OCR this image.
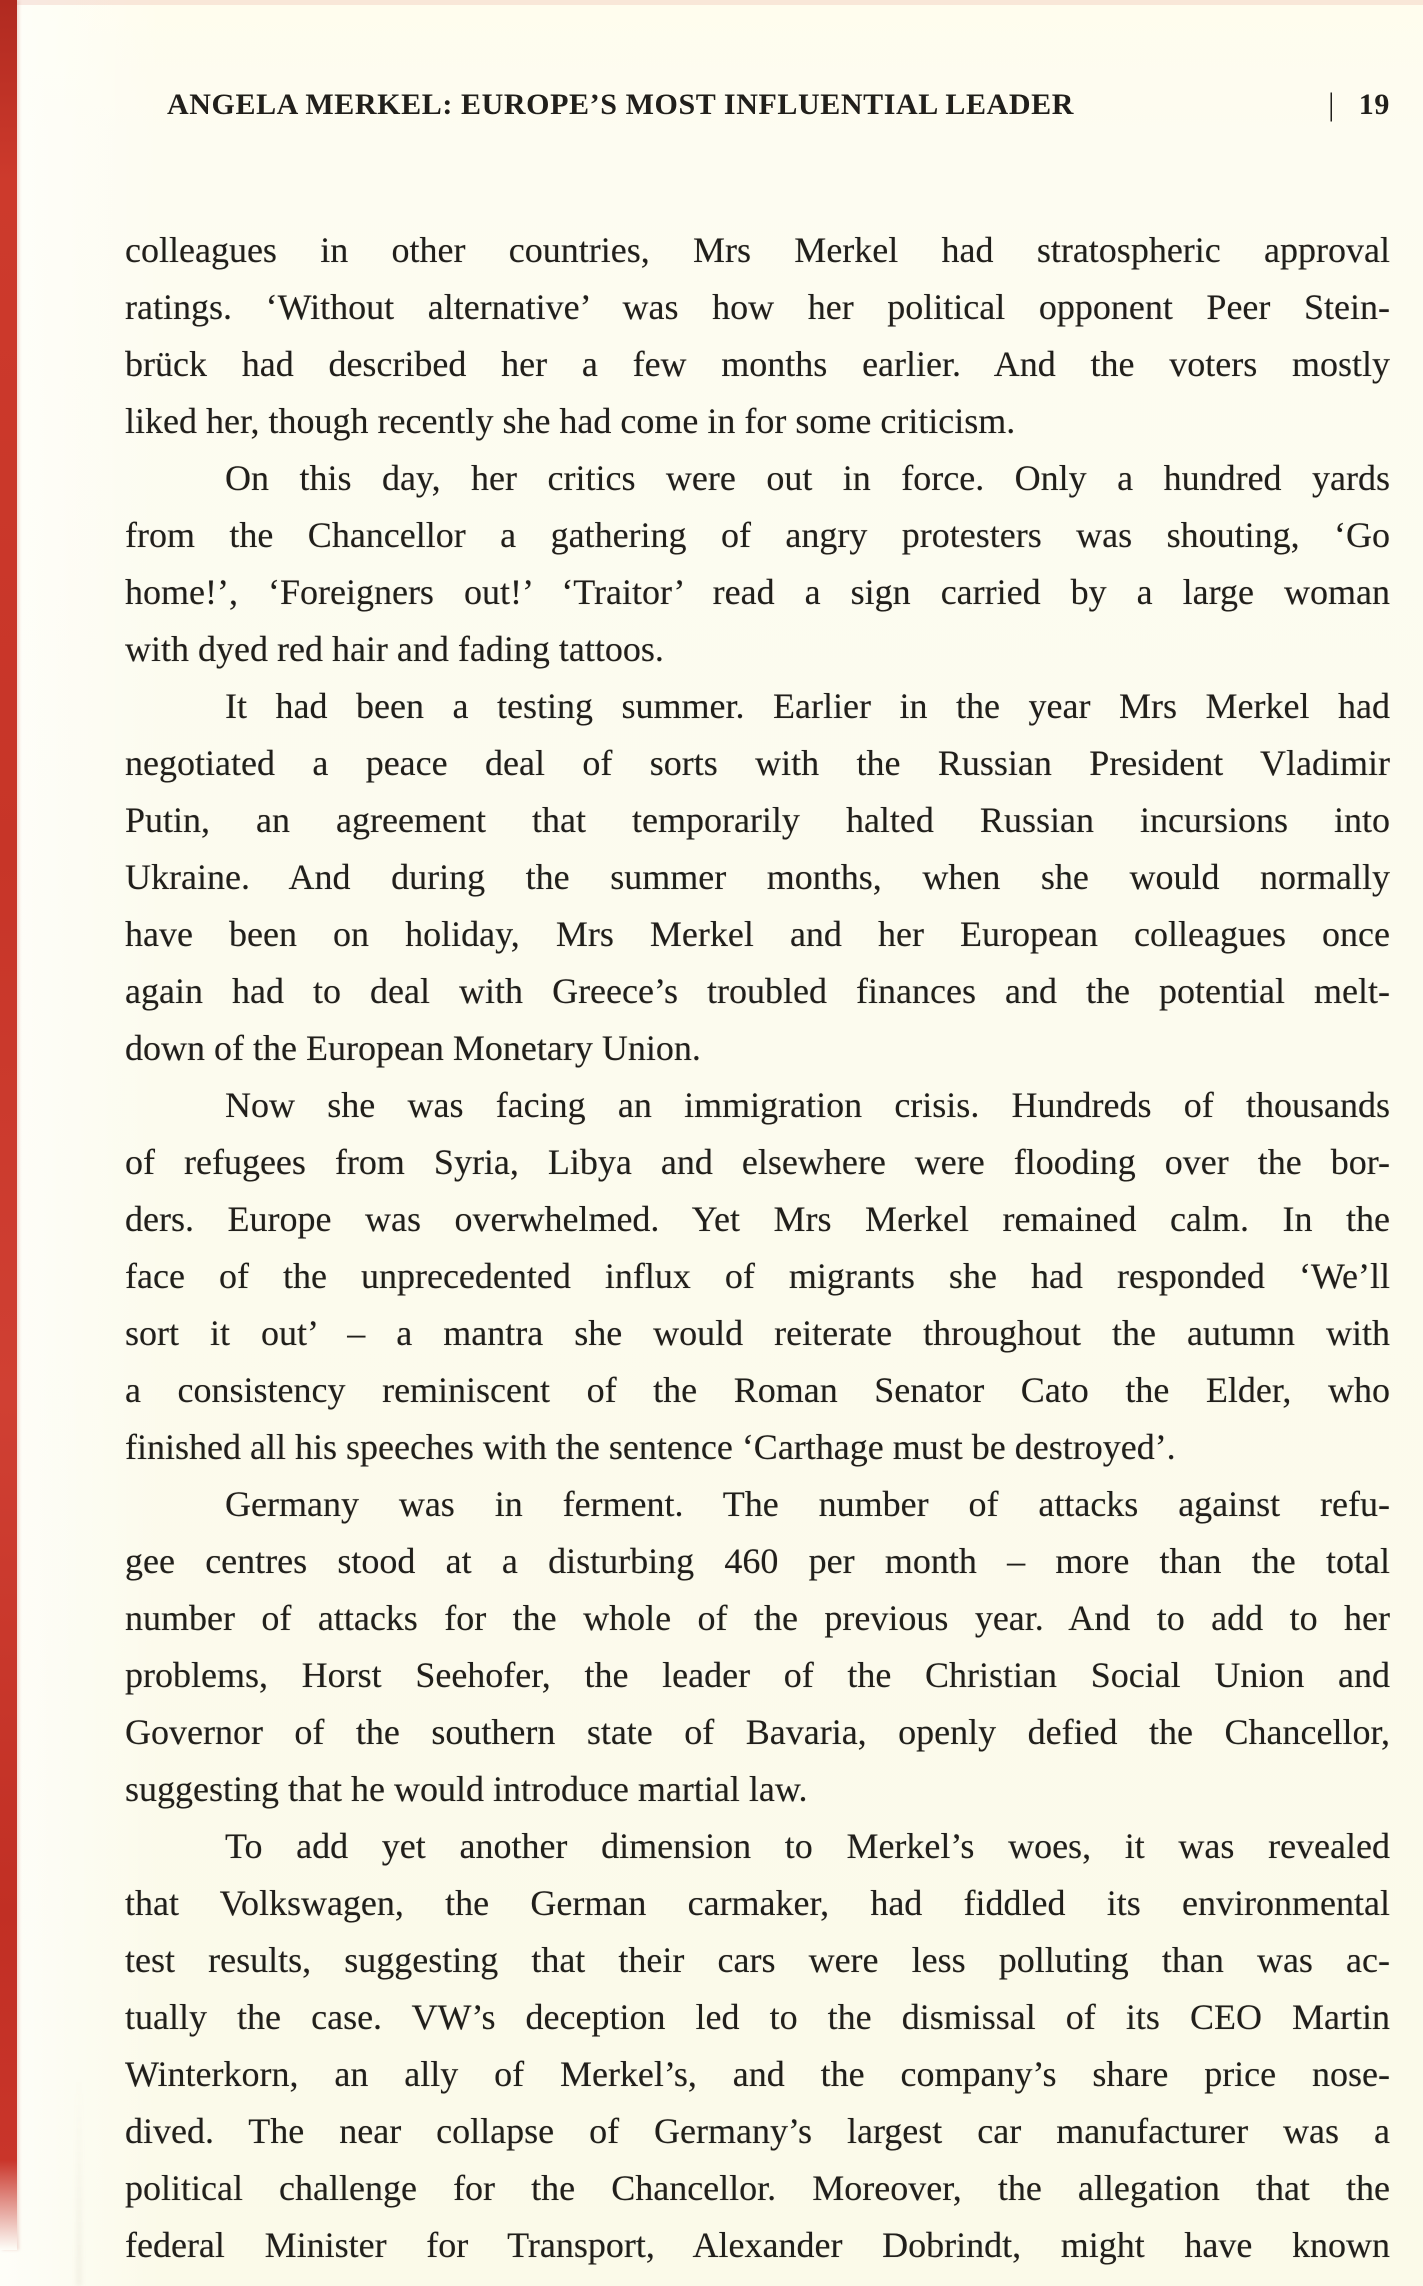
ANGELA MERKEL: EUROPE’S MOST INFLUENTIAL LEADER	| 19
colleagues in other countries, Mrs Merkel had stratospheric approval
ratings. ‘Without alternative’ was how her political opponent Peer Stein-
brück had described her a few months earlier. And the voters mostly
liked her, though recently she had come in for some criticism.
On this day, her critics were out in force. Only a hundred yards
from the Chancellor a gathering of angry protesters was shouting, ‘Go
home!’, ‘Foreigners out!’ ‘Traitor’ read a sign carried by a large woman
with dyed red hair and fading tattoos.
It had been a testing summer. Earlier in the year Mrs Merkel had
negotiated a peace deal of sorts with the Russian President Vladimir
Putin, an agreement that temporarily halted Russian incursions into
Ukraine. And during the summer months, when she would normally
have been on holiday, Mrs Merkel and her European colleagues once
again had to deal with Greece’s troubled finances and the potential melt-
down of the European Monetary Union.
Now she was facing an immigration crisis. Hundreds of thousands
of refugees from Syria, Libya and elsewhere were flooding over the bor-
ders. Europe was overwhelmed. Yet Mrs Merkel remained calm. In the
face of the unprecedented influx of migrants she had responded ‘We’ll
sort it out’ – a mantra she would reiterate throughout the autumn with
a consistency reminiscent of the Roman Senator Cato the Elder, who
finished all his speeches with the sentence ‘Carthage must be destroyed’.
Germany was in ferment. The number of attacks against refu-
gee centres stood at a disturbing 460 per month – more than the total
number of attacks for the whole of the previous year. And to add to her
problems, Horst Seehofer, the leader of the Christian Social Union and
Governor of the southern state of Bavaria, openly defied the Chancellor,
suggesting that he would introduce martial law.
To add yet another dimension to Merkel’s woes, it was revealed
that Volkswagen, the German carmaker, had fiddled its environmental
test results, suggesting that their cars were less polluting than was ac-
tually the case. VW’s deception led to the dismissal of its CEO Martin
Winterkorn, an ally of Merkel’s, and the company’s share price nose-
dived. The near collapse of Germany’s largest car manufacturer was a
political challenge for the Chancellor. Moreover, the allegation that the
federal Minister for Transport, Alexander Dobrindt, might have known
